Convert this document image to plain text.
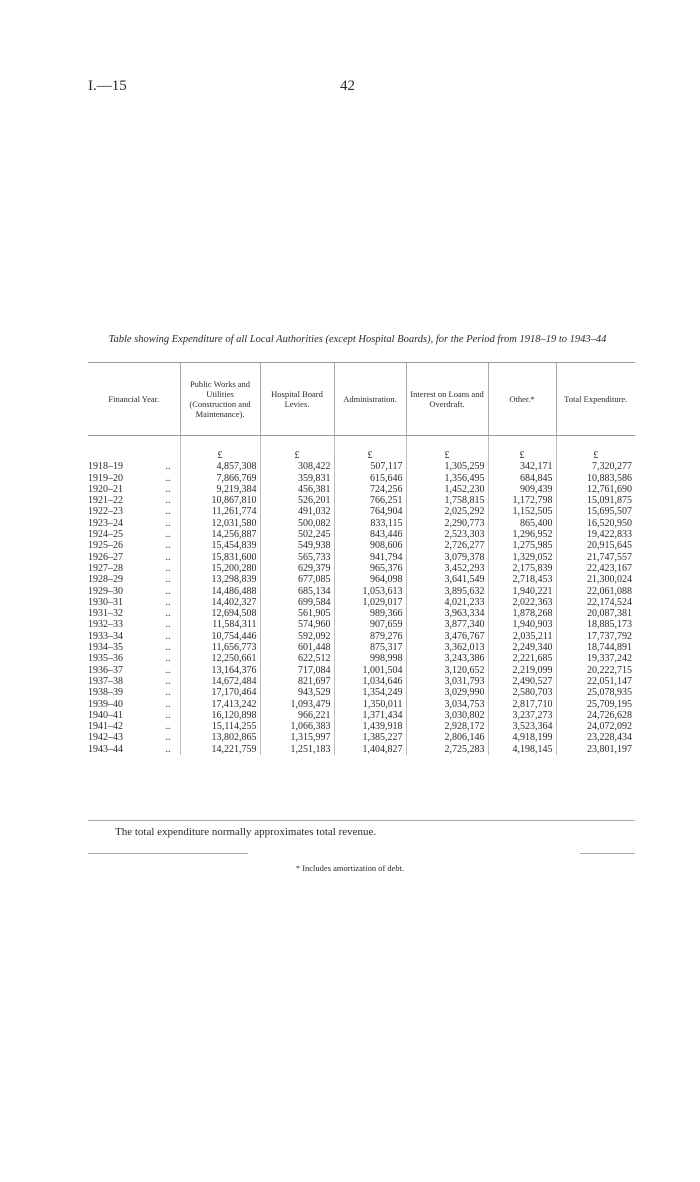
I.—15	42
Table showing Expenditure of all Local Authorities (except Hospital Boards), for the Period from 1918–19 to 1943–44
Financial Year.	Public Works and Utilities (Construction and Maintenance).	Hospital Board Levies.	Administration.	Interest on Loans and Overdraft.	Other.*	Total Expenditure.
	£	£	£	£	£	£
1918–19 ..	4,857,308	308,422	507,117	1,305,259	342,171	7,320,277
1919–20 ..	7,866,769	359,831	615,646	1,356,495	684,845	10,883,586
1920–21 ..	9,219,384	456,381	724,256	1,452,230	909,439	12,761,690
1921–22 ..	10,867,810	526,201	766,251	1,758,815	1,172,798	15,091,875
1922–23 ..	11,261,774	491,032	764,904	2,025,292	1,152,505	15,695,507
1923–24 ..	12,031,580	500,082	833,115	2,290,773	865,400	16,520,950
1924–25 ..	14,256,887	502,245	843,446	2,523,303	1,296,952	19,422,833
1925–26 ..	15,454,839	549,938	908,606	2,726,277	1,275,985	20,915,645
1926–27 ..	15,831,600	565,733	941,794	3,079,378	1,329,052	21,747,557
1927–28 ..	15,200,280	629,379	965,376	3,452,293	2,175,839	22,423,167
1928–29 ..	13,298,839	677,085	964,098	3,641,549	2,718,453	21,300,024
1929–30 ..	14,486,488	685,134	1,053,613	3,895,632	1,940,221	22,061,088
1930–31 ..	14,402,327	699,584	1,029,017	4,021,233	2,022,363	22,174,524
1931–32 ..	12,694,508	561,905	989,366	3,963,334	1,878,268	20,087,381
1932–33 ..	11,584,311	574,960	907,659	3,877,340	1,940,903	18,885,173
1933–34 ..	10,754,446	592,092	879,276	3,476,767	2,035,211	17,737,792
1934–35 ..	11,656,773	601,448	875,317	3,362,013	2,249,340	18,744,891
1935–36 ..	12,250,661	622,512	998,998	3,243,386	2,221,685	19,337,242
1936–37 ..	13,164,376	717,084	1,001,504	3,120,652	2,219,099	20,222,715
1937–38 ..	14,672,484	821,697	1,034,646	3,031,793	2,490,527	22,051,147
1938–39 ..	17,170,464	943,529	1,354,249	3,029,990	2,580,703	25,078,935
1939–40 ..	17,413,242	1,093,479	1,350,011	3,034,753	2,817,710	25,709,195
1940–41 ..	16,120,898	966,221	1,371,434	3,030,802	3,237,273	24,726,628
1941–42 ..	15,114,255	1,066,383	1,439,918	2,928,172	3,523,364	24,072,092
1942–43 ..	13,802,865	1,315,997	1,385,227	2,806,146	4,918,199	23,228,434
1943–44 ..	14,221,759	1,251,183	1,404,827	2,725,283	4,198,145	23,801,197
The total expenditure normally approximates total revenue.
* Includes amortization of debt.
